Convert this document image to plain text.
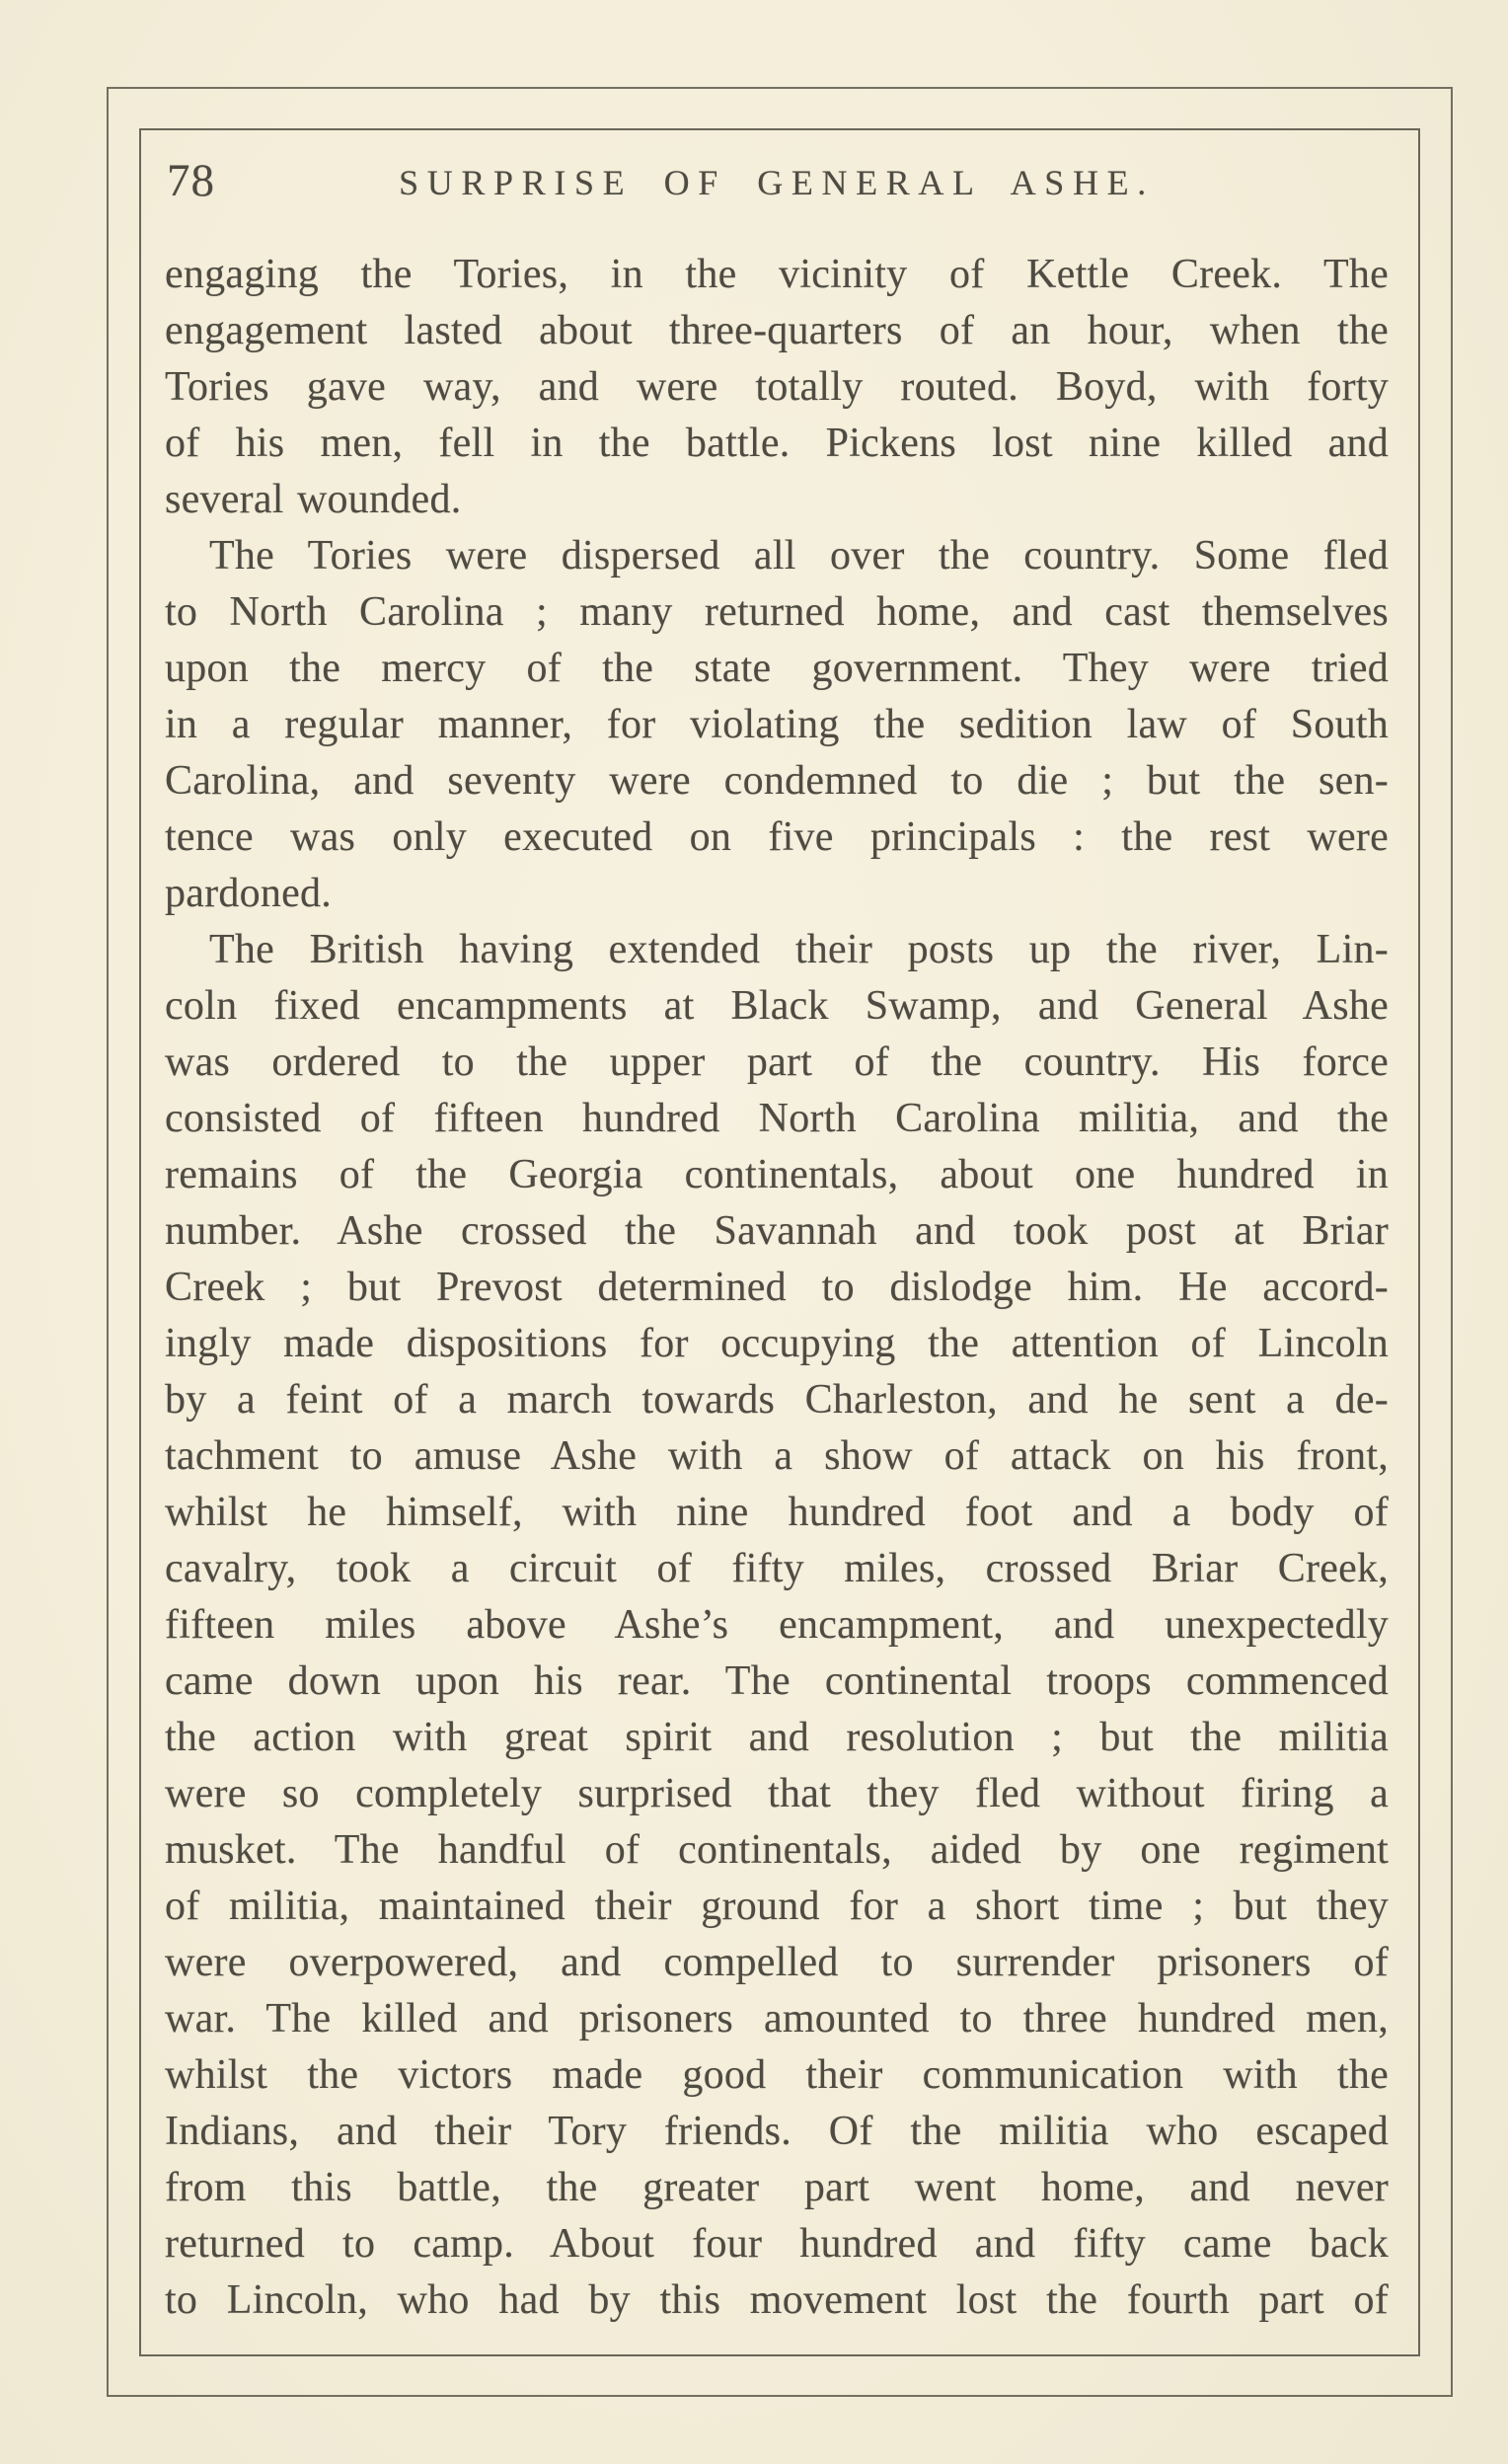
78	SURPRISE OF GENERAL ASHE.
engaging the Tories, in the vicinity of Kettle Creek. The
engagement lasted about three-quarters of an hour, when the
Tories gave way, and were totally routed. Boyd, with forty
of his men, fell in the battle. Pickens lost nine killed and
several wounded.
The Tories were dispersed all over the country. Some fled
to North Carolina ; many returned home, and cast themselves
upon the mercy of the state government. They were tried
in a regular manner, for violating the sedition law of South
Carolina, and seventy were condemned to die ; but the sen-
tence was only executed on five principals : the rest were
pardoned.
The British having extended their posts up the river, Lin-
coln fixed encampments at Black Swamp, and General Ashe
was ordered to the upper part of the country. His force
consisted of fifteen hundred North Carolina militia, and the
remains of the Georgia continentals, about one hundred in
number. Ashe crossed the Savannah and took post at Briar
Creek ; but Prevost determined to dislodge him. He accord-
ingly made dispositions for occupying the attention of Lincoln
by a feint of a march towards Charleston, and he sent a de-
tachment to amuse Ashe with a show of attack on his front,
whilst he himself, with nine hundred foot and a body of
cavalry, took a circuit of fifty miles, crossed Briar Creek,
fifteen miles above Ashe’s encampment, and unexpectedly
came down upon his rear. The continental troops commenced
the action with great spirit and resolution ; but the militia
were so completely surprised that they fled without firing a
musket. The handful of continentals, aided by one regiment
of militia, maintained their ground for a short time ; but they
were overpowered, and compelled to surrender prisoners of
war. The killed and prisoners amounted to three hundred men,
whilst the victors made good their communication with the
Indians, and their Tory friends. Of the militia who escaped
from this battle, the greater part went home, and never
returned to camp. About four hundred and fifty came back
to Lincoln, who had by this movement lost the fourth part of
